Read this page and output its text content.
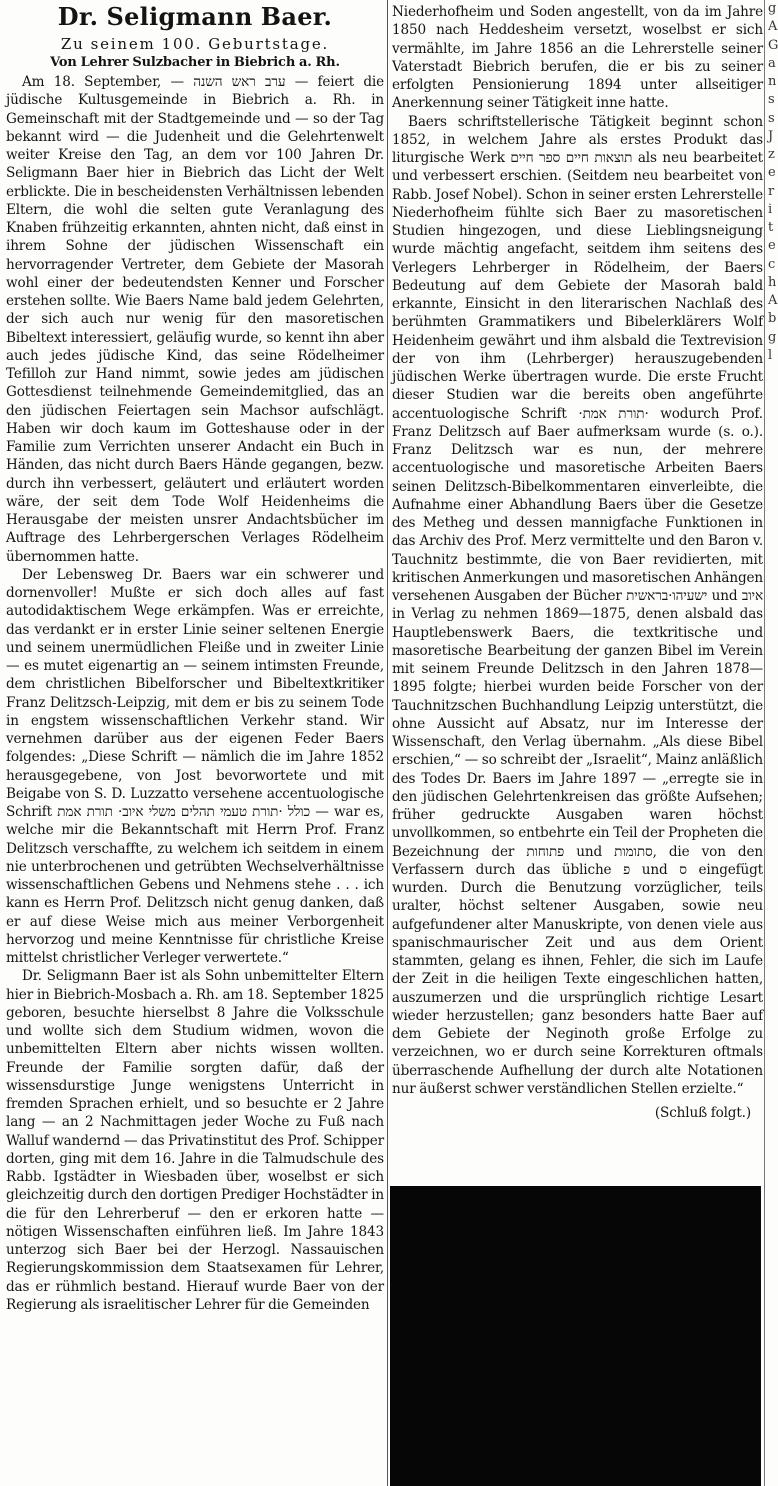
Dr. Seligmann Baer.
Zu seinem 100. Geburtstage.
Von Lehrer Sulzbacher in Biebrich a. Rh.

Am 18. September, — ערב ראש השנה — feiert die jüdische Kultusgemeinde in Biebrich a. Rh. in Gemeinschaft mit der Stadtgemeinde und — so der Tag bekannt wird — die Judenheit und die Gelehrtenwelt weiter Kreise den Tag, an dem vor 100 Jahren Dr. Seligmann Baer hier in Biebrich das Licht der Welt erblickte. Die in bescheidensten Verhältnissen lebenden Eltern, die wohl die selten gute Veranlagung des Knaben frühzeitig erkannten, ahnten nicht, daß einst in ihrem Sohne der jüdischen Wissenschaft ein hervorragender Vertreter, dem Gebiete der Masorah wohl einer der bedeutendsten Kenner und Forscher erstehen sollte. Wie Baers Name bald jedem Gelehrten, der sich auch nur wenig für den masoretischen Bibeltext interessiert, geläufig wurde, so kennt ihn aber auch jedes jüdische Kind, das seine Rödelheimer Tefilloh zur Hand nimmt, sowie jedes am jüdischen Gottesdienst teilnehmende Gemeindemitglied, das an den jüdischen Feiertagen sein Machsor aufschlägt. Haben wir doch kaum im Gotteshause oder in der Familie zum Verrichten unserer Andacht ein Buch in Händen, das nicht durch Baers Hände gegangen, bezw. durch ihn verbessert, geläutert und erläutert worden wäre, der seit dem Tode Wolf Heidenheims die Herausgabe der meisten unsrer Andachtsbücher im Auftrage des Lehrbergerschen Verlages Rödelheim übernommen hatte.

Der Lebensweg Dr. Baers war ein schwerer und dornenvoller! Mußte er sich doch alles auf fast autodidaktischem Wege erkämpfen. Was er erreichte, das verdankt er in erster Linie seiner seltenen Energie und seinem unermüdlichen Fleiße und in zweiter Linie — es mutet eigenartig an — seinem intimsten Freunde, dem christlichen Bibelforscher und Bibeltextkritiker Franz Delitzsch-Leipzig, mit dem er bis zu seinem Tode in engstem wissenschaftlichen Verkehr stand. Wir vernehmen darüber aus der eigenen Feder Baers folgendes: „Diese Schrift — nämlich die im Jahre 1852 herausgegebene, von Jost bevorwortete und mit Beigabe von S. D. Luzzatto versehene accentuologische Schrift כולל ·תורת טעמי תהלים משלי איוב· תורת אמת — war es, welche mir die Bekanntschaft mit Herrn Prof. Franz Delitzsch verschaffte, zu welchem ich seitdem in einem nie unterbrochenen und getrübten Wechselverhältnisse wissenschaftlichen Gebens und Nehmens stehe . . . ich kann es Herrn Prof. Delitzsch nicht genug danken, daß er auf diese Weise mich aus meiner Verborgenheit hervorzog und meine Kenntnisse für christliche Kreise mittelst christlicher Verleger verwertete.“

Dr. Seligmann Baer ist als Sohn unbemittelter Eltern hier in Biebrich-Mosbach a. Rh. am 18. September 1825 geboren, besuchte hierselbst 8 Jahre die Volksschule und wollte sich dem Studium widmen, wovon die unbemittelten Eltern aber nichts wissen wollten. Freunde der Familie sorgten dafür, daß der wissensdurstige Junge wenigstens Unterricht in fremden Sprachen erhielt, und so besuchte er 2 Jahre lang — an 2 Nachmittagen jeder Woche zu Fuß nach Walluf wandernd — das Privatinstitut des Prof. Schipper dorten, ging mit dem 16. Jahre in die Talmudschule des Rabb. Igstädter in Wiesbaden über, woselbst er sich gleichzeitig durch den dortigen Prediger Hochstädter in die für den Lehrerberuf — den er erkoren hatte — nötigen Wissenschaften einführen ließ. Im Jahre 1843 unterzog sich Baer bei der Herzogl. Nassauischen Regierungskommission dem Staatsexamen für Lehrer, das er rühmlich bestand. Hierauf wurde Baer von der Regierung als israelitischer Lehrer für die Gemeinden

Niederhofheim und Soden angestellt, von da im Jahre 1850 nach Heddesheim versetzt, woselbst er sich vermählte, im Jahre 1856 an die Lehrerstelle seiner Vaterstadt Biebrich berufen, die er bis zu seiner erfolgten Pensionierung 1894 unter allseitiger Anerkennung seiner Tätigkeit inne hatte.

Baers schriftstellerische Tätigkeit beginnt schon 1852, in welchem Jahre als erstes Produkt das liturgische Werk תוצאות חיים ספר חיים als neu bearbeitet und verbessert erschien. (Seitdem neu bearbeitet von Rabb. Josef Nobel). Schon in seiner ersten Lehrerstelle Niederhofheim fühlte sich Baer zu masoretischen Studien hingezogen, und diese Lieblingsneigung wurde mächtig angefacht, seitdem ihm seitens des Verlegers Lehrberger in Rödelheim, der Baers Bedeutung auf dem Gebiete der Masorah bald erkannte, Einsicht in den literarischen Nachlaß des berühmten Grammatikers und Bibelerklärers Wolf Heidenheim gewährt und ihm alsbald die Textrevision der von ihm (Lehrberger) herauszugebenden jüdischen Werke übertragen wurde. Die erste Frucht dieser Studien war die bereits oben angeführte accentuologische Schrift ·תורת אמת· wodurch Prof. Franz Delitzsch auf Baer aufmerksam wurde (s. o.). Franz Delitzsch war es nun, der mehrere accentuologische und masoretische Arbeiten Baers seinen Delitzsch-Bibelkommentaren einverleibte, die Aufnahme einer Abhandlung Baers über die Gesetze des Metheg und dessen mannigfache Funktionen in das Archiv des Prof. Merz vermittelte und den Baron v. Tauchnitz bestimmte, die von Baer revidierten, mit kritischen Anmerkungen und masoretischen Anhängen versehenen Ausgaben der Bücher ישעיהו·בראשית und איוב in Verlag zu nehmen 1869—1875, denen alsbald das Hauptlebenswerk Baers, die textkritische und masoretische Bearbeitung der ganzen Bibel im Verein mit seinem Freunde Delitzsch in den Jahren 1878—1895 folgte; hierbei wurden beide Forscher von der Tauchnitzschen Buchhandlung Leipzig unterstützt, die ohne Aussicht auf Absatz, nur im Interesse der Wissenschaft, den Verlag übernahm. „Als diese Bibel erschien,“ — so schreibt der „Israelit“, Mainz anläßlich des Todes Dr. Baers im Jahre 1897 — „erregte sie in den jüdischen Gelehrtenkreisen das größte Aufsehen; früher gedruckte Ausgaben waren höchst unvollkommen, so entbehrte ein Teil der Propheten die Bezeichnung der פתוחות und סתומות, die von den Verfassern durch das übliche פ und ס eingefügt wurden. Durch die Benutzung vorzüglicher, teils uralter, höchst seltener Ausgaben, sowie neu aufgefundener alter Manuskripte, von denen viele aus spanischmaurischer Zeit und aus dem Orient stammten, gelang es ihnen, Fehler, die sich im Laufe der Zeit in die heiligen Texte eingeschlichen hatten, auszumerzen und die ursprünglich richtige Lesart wieder herzustellen; ganz besonders hatte Baer auf dem Gebiete der Neginoth große Erfolge zu verzeichnen, wo er durch seine Korrekturen oftmals überraschende Aufhellung der durch alte Notationen nur äußerst schwer verständlichen Stellen erzielte.“

(Schluß folgt.)
g A G a n s s J z e r i t e c h A b g l
